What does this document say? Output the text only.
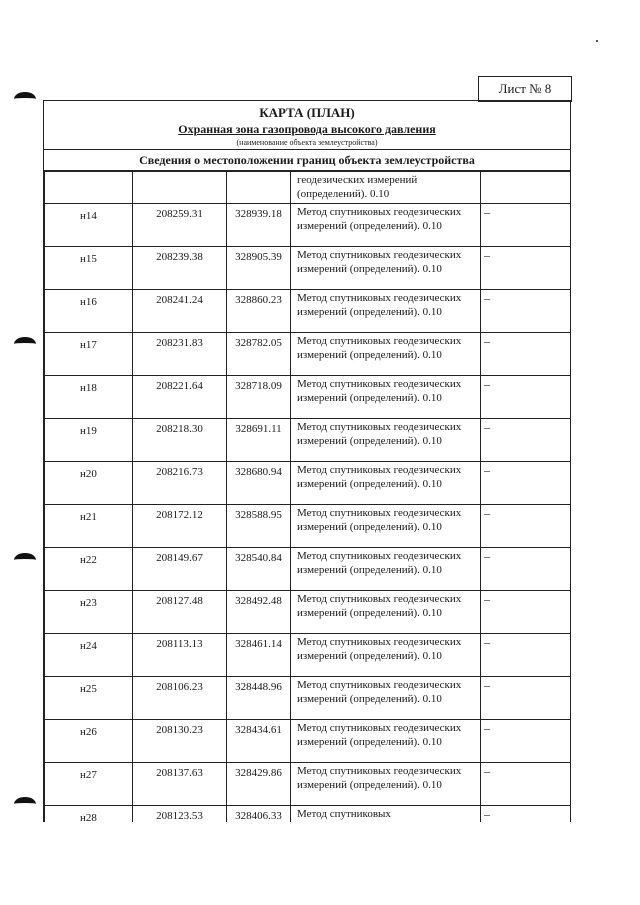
Лист № 8
КАРТА (ПЛАН)
Охранная зона газопровода высокого давления
(наименование объекта землеустройства)
Сведения о местоположении границ объекта землеустройства
			геодезических измерений (определений). 0.10	
н14	208259.31	328939.18	Метод спутниковых геодезических измерений (определений). 0.10	–
н15	208239.38	328905.39	Метод спутниковых геодезических измерений (определений). 0.10	–
н16	208241.24	328860.23	Метод спутниковых геодезических измерений (определений). 0.10	–
н17	208231.83	328782.05	Метод спутниковых геодезических измерений (определений). 0.10	–
н18	208221.64	328718.09	Метод спутниковых геодезических измерений (определений). 0.10	–
н19	208218.30	328691.11	Метод спутниковых геодезических измерений (определений). 0.10	–
н20	208216.73	328680.94	Метод спутниковых геодезических измерений (определений). 0.10	–
н21	208172.12	328588.95	Метод спутниковых геодезических измерений (определений). 0.10	–
н22	208149.67	328540.84	Метод спутниковых геодезических измерений (определений). 0.10	–
н23	208127.48	328492.48	Метод спутниковых геодезических измерений (определений). 0.10	–
н24	208113.13	328461.14	Метод спутниковых геодезических измерений (определений). 0.10	–
н25	208106.23	328448.96	Метод спутниковых геодезических измерений (определений). 0.10	–
н26	208130.23	328434.61	Метод спутниковых геодезических измерений (определений). 0.10	–
н27	208137.63	328429.86	Метод спутниковых геодезических измерений (определений). 0.10	–
н28	208123.53	328406.33	Метод спутниковых	–
